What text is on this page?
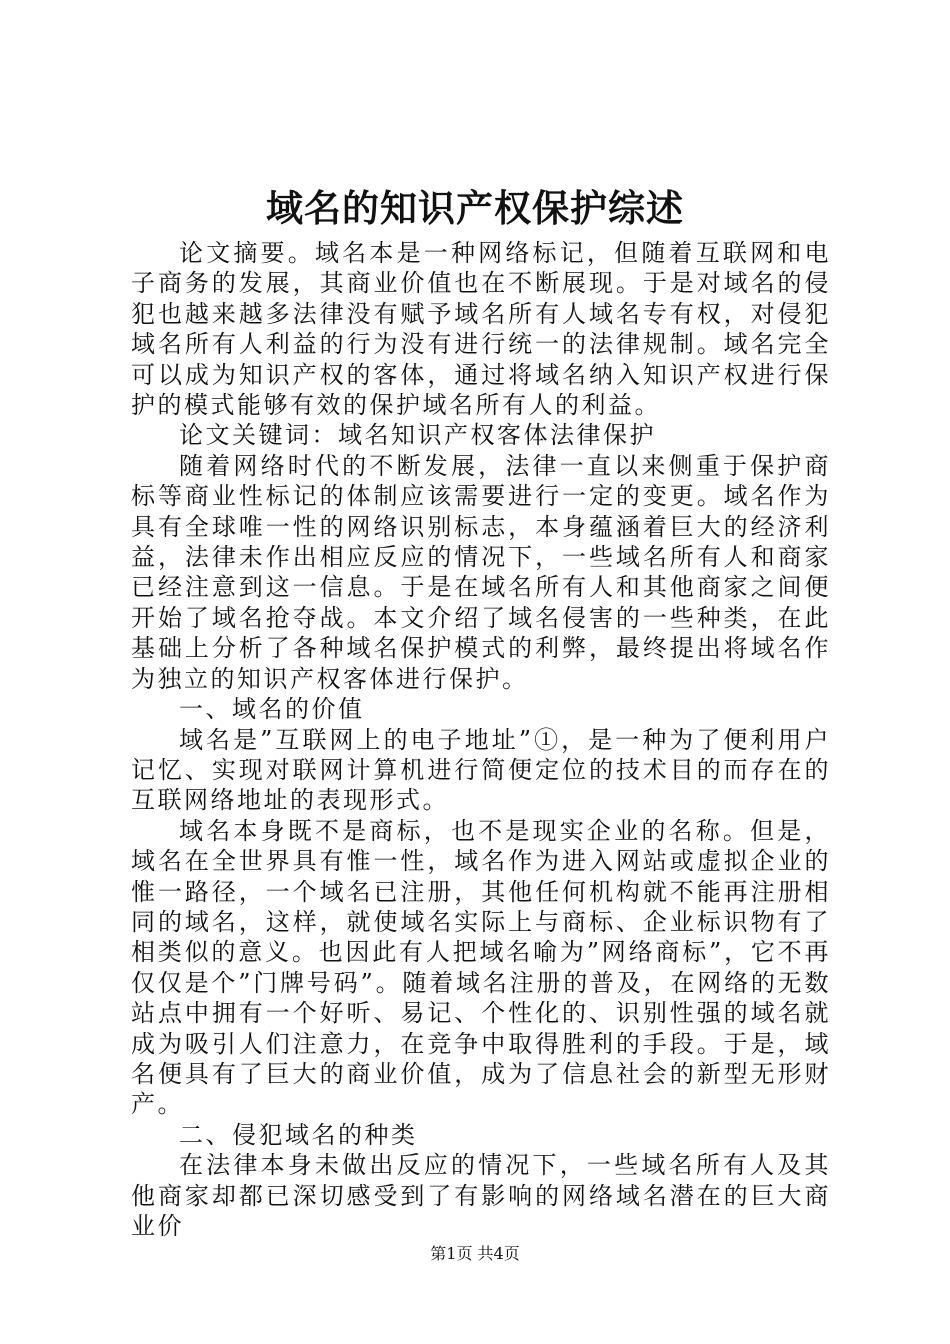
域名的知识产权保护综述

论文摘要。域名本是一种网络标记，但随着互联网和电子商务的发展，其商业价值也在不断展现。于是对域名的侵犯也越来越多法律没有赋予域名所有人域名专有权，对侵犯域名所有人利益的行为没有进行统一的法律规制。域名完全可以成为知识产权的客体，通过将域名纳入知识产权进行保护的模式能够有效的保护域名所有人的利益。

论文关键词：域名知识产权客体法律保护

随着网络时代的不断发展，法律一直以来侧重于保护商标等商业性标记的体制应该需要进行一定的变更。域名作为具有全球唯一性的网络识别标志，本身蕴涵着巨大的经济利益，法律未作出相应反应的情况下，一些域名所有人和商家已经注意到这一信息。于是在域名所有人和其他商家之间便开始了域名抢夺战。本文介绍了域名侵害的一些种类，在此基础上分析了各种域名保护模式的利弊，最终提出将域名作为独立的知识产权客体进行保护。

一、域名的价值

域名是”互联网上的电子地址”①，是一种为了便利用户记忆、实现对联网计算机进行简便定位的技术目的而存在的互联网络地址的表现形式。

域名本身既不是商标，也不是现实企业的名称。但是，域名在全世界具有惟一性，域名作为进入网站或虚拟企业的惟一路径，一个域名已注册，其他任何机构就不能再注册相同的域名，这样，就使域名实际上与商标、企业标识物有了相类似的意义。也因此有人把域名喻为”网络商标”，它不再仅仅是个”门牌号码”。随着域名注册的普及，在网络的无数站点中拥有一个好听、易记、个性化的、识别性强的域名就成为吸引人们注意力，在竞争中取得胜利的手段。于是，域名便具有了巨大的商业价值，成为了信息社会的新型无形财产。

二、侵犯域名的种类

在法律本身未做出反应的情况下，一些域名所有人及其他商家却都已深切感受到了有影响的网络域名潜在的巨大商业价

第1页 共4页
